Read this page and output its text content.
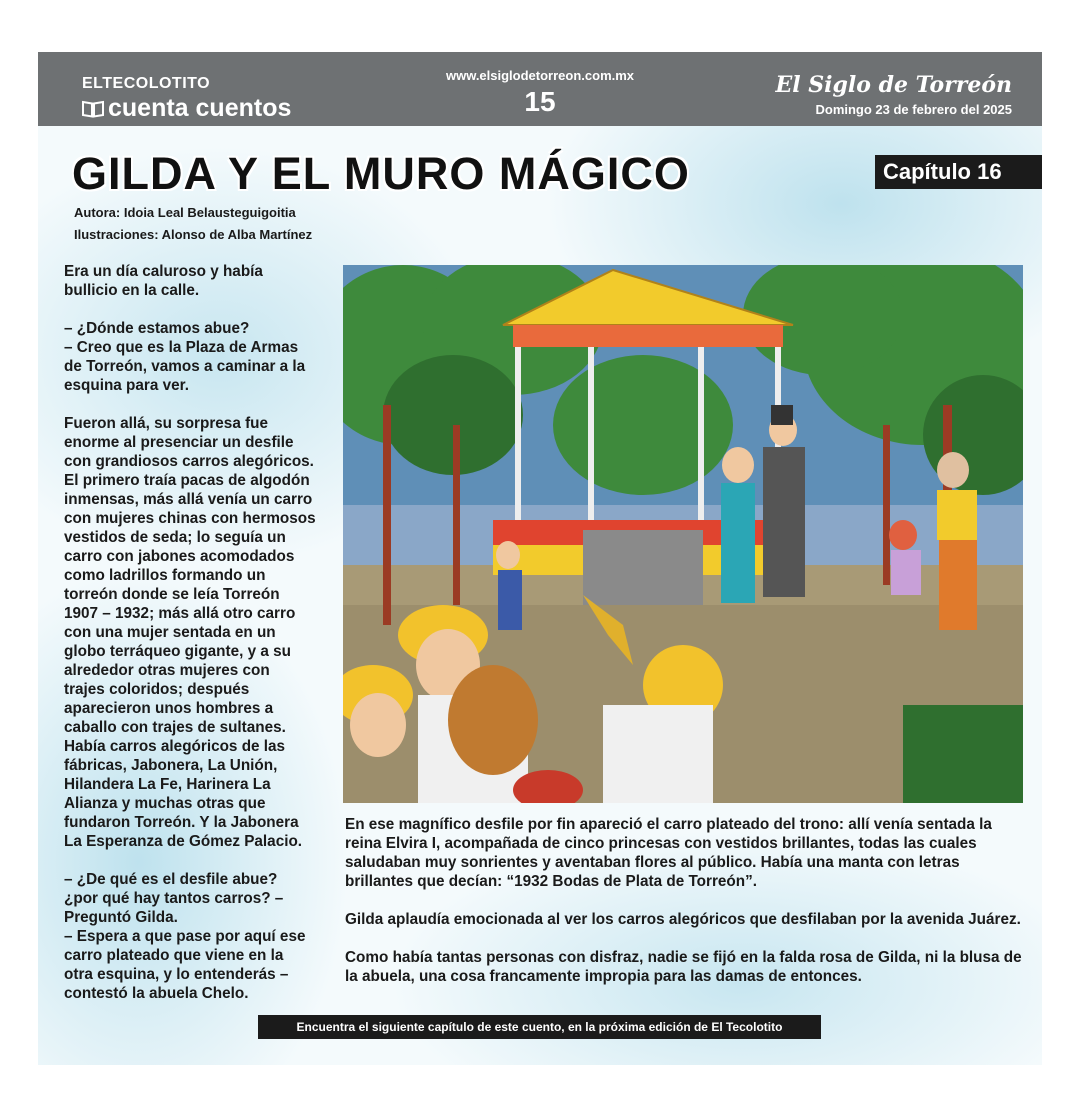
ELTECOLOTITO
cuenta cuentos
www.elsiglodetorreon.com.mx
15
El Siglo de Torreón
Domingo 23 de febrero del 2025
GILDA Y EL MURO MÁGICO	Capítulo 16
Autora: Idoia Leal Belausteguigoitia
Ilustraciones: Alonso de Alba Martínez

Era un día caluroso y había
bullicio en la calle.

– ¿Dónde estamos abue?
– Creo que es la Plaza de Armas
de Torreón, vamos a caminar a la
esquina para ver.

Fueron allá, su sorpresa fue
enorme al presenciar un desfile
con grandiosos carros alegóricos.
El primero traía pacas de algodón
inmensas, más allá venía un carro
con mujeres chinas con hermosos
vestidos de seda; lo seguía un
carro con jabones acomodados
como ladrillos formando un
torreón donde se leía Torreón
1907 – 1932; más allá otro carro
con una mujer sentada en un
globo terráqueo gigante, y a su
alrededor otras mujeres con
trajes coloridos; después
aparecieron unos hombres a
caballo con trajes de sultanes.
Había carros alegóricos de las
fábricas, Jabonera, La Unión,
Hilandera La Fe, Harinera La
Alianza y muchas otras que
fundaron Torreón. Y la Jabonera
La Esperanza de Gómez Palacio.

– ¿De qué es el desfile abue?
¿por qué hay tantos carros? –
Preguntó Gilda.
– Espera a que pase por aquí ese
carro plateado que viene en la
otra esquina, y lo entenderás –
contestó la abuela Chelo.

En ese magnífico desfile por fin apareció el carro plateado del trono: allí venía sentada la reina Elvira I, acompañada de cinco princesas con vestidos brillantes, todas las cuales saludaban muy sonrientes y aventaban flores al público. Había una manta con letras brillantes que decían: “1932 Bodas de Plata de Torreón”.

Gilda aplaudía emocionada al ver los carros alegóricos que desfilaban por la avenida Juárez.

Como había tantas personas con disfraz, nadie se fijó en la falda rosa de Gilda, ni la blusa de la abuela, una cosa francamente impropia para las damas de entonces.

Encuentra el siguiente capítulo de este cuento, en la próxima edición de El Tecolotito
